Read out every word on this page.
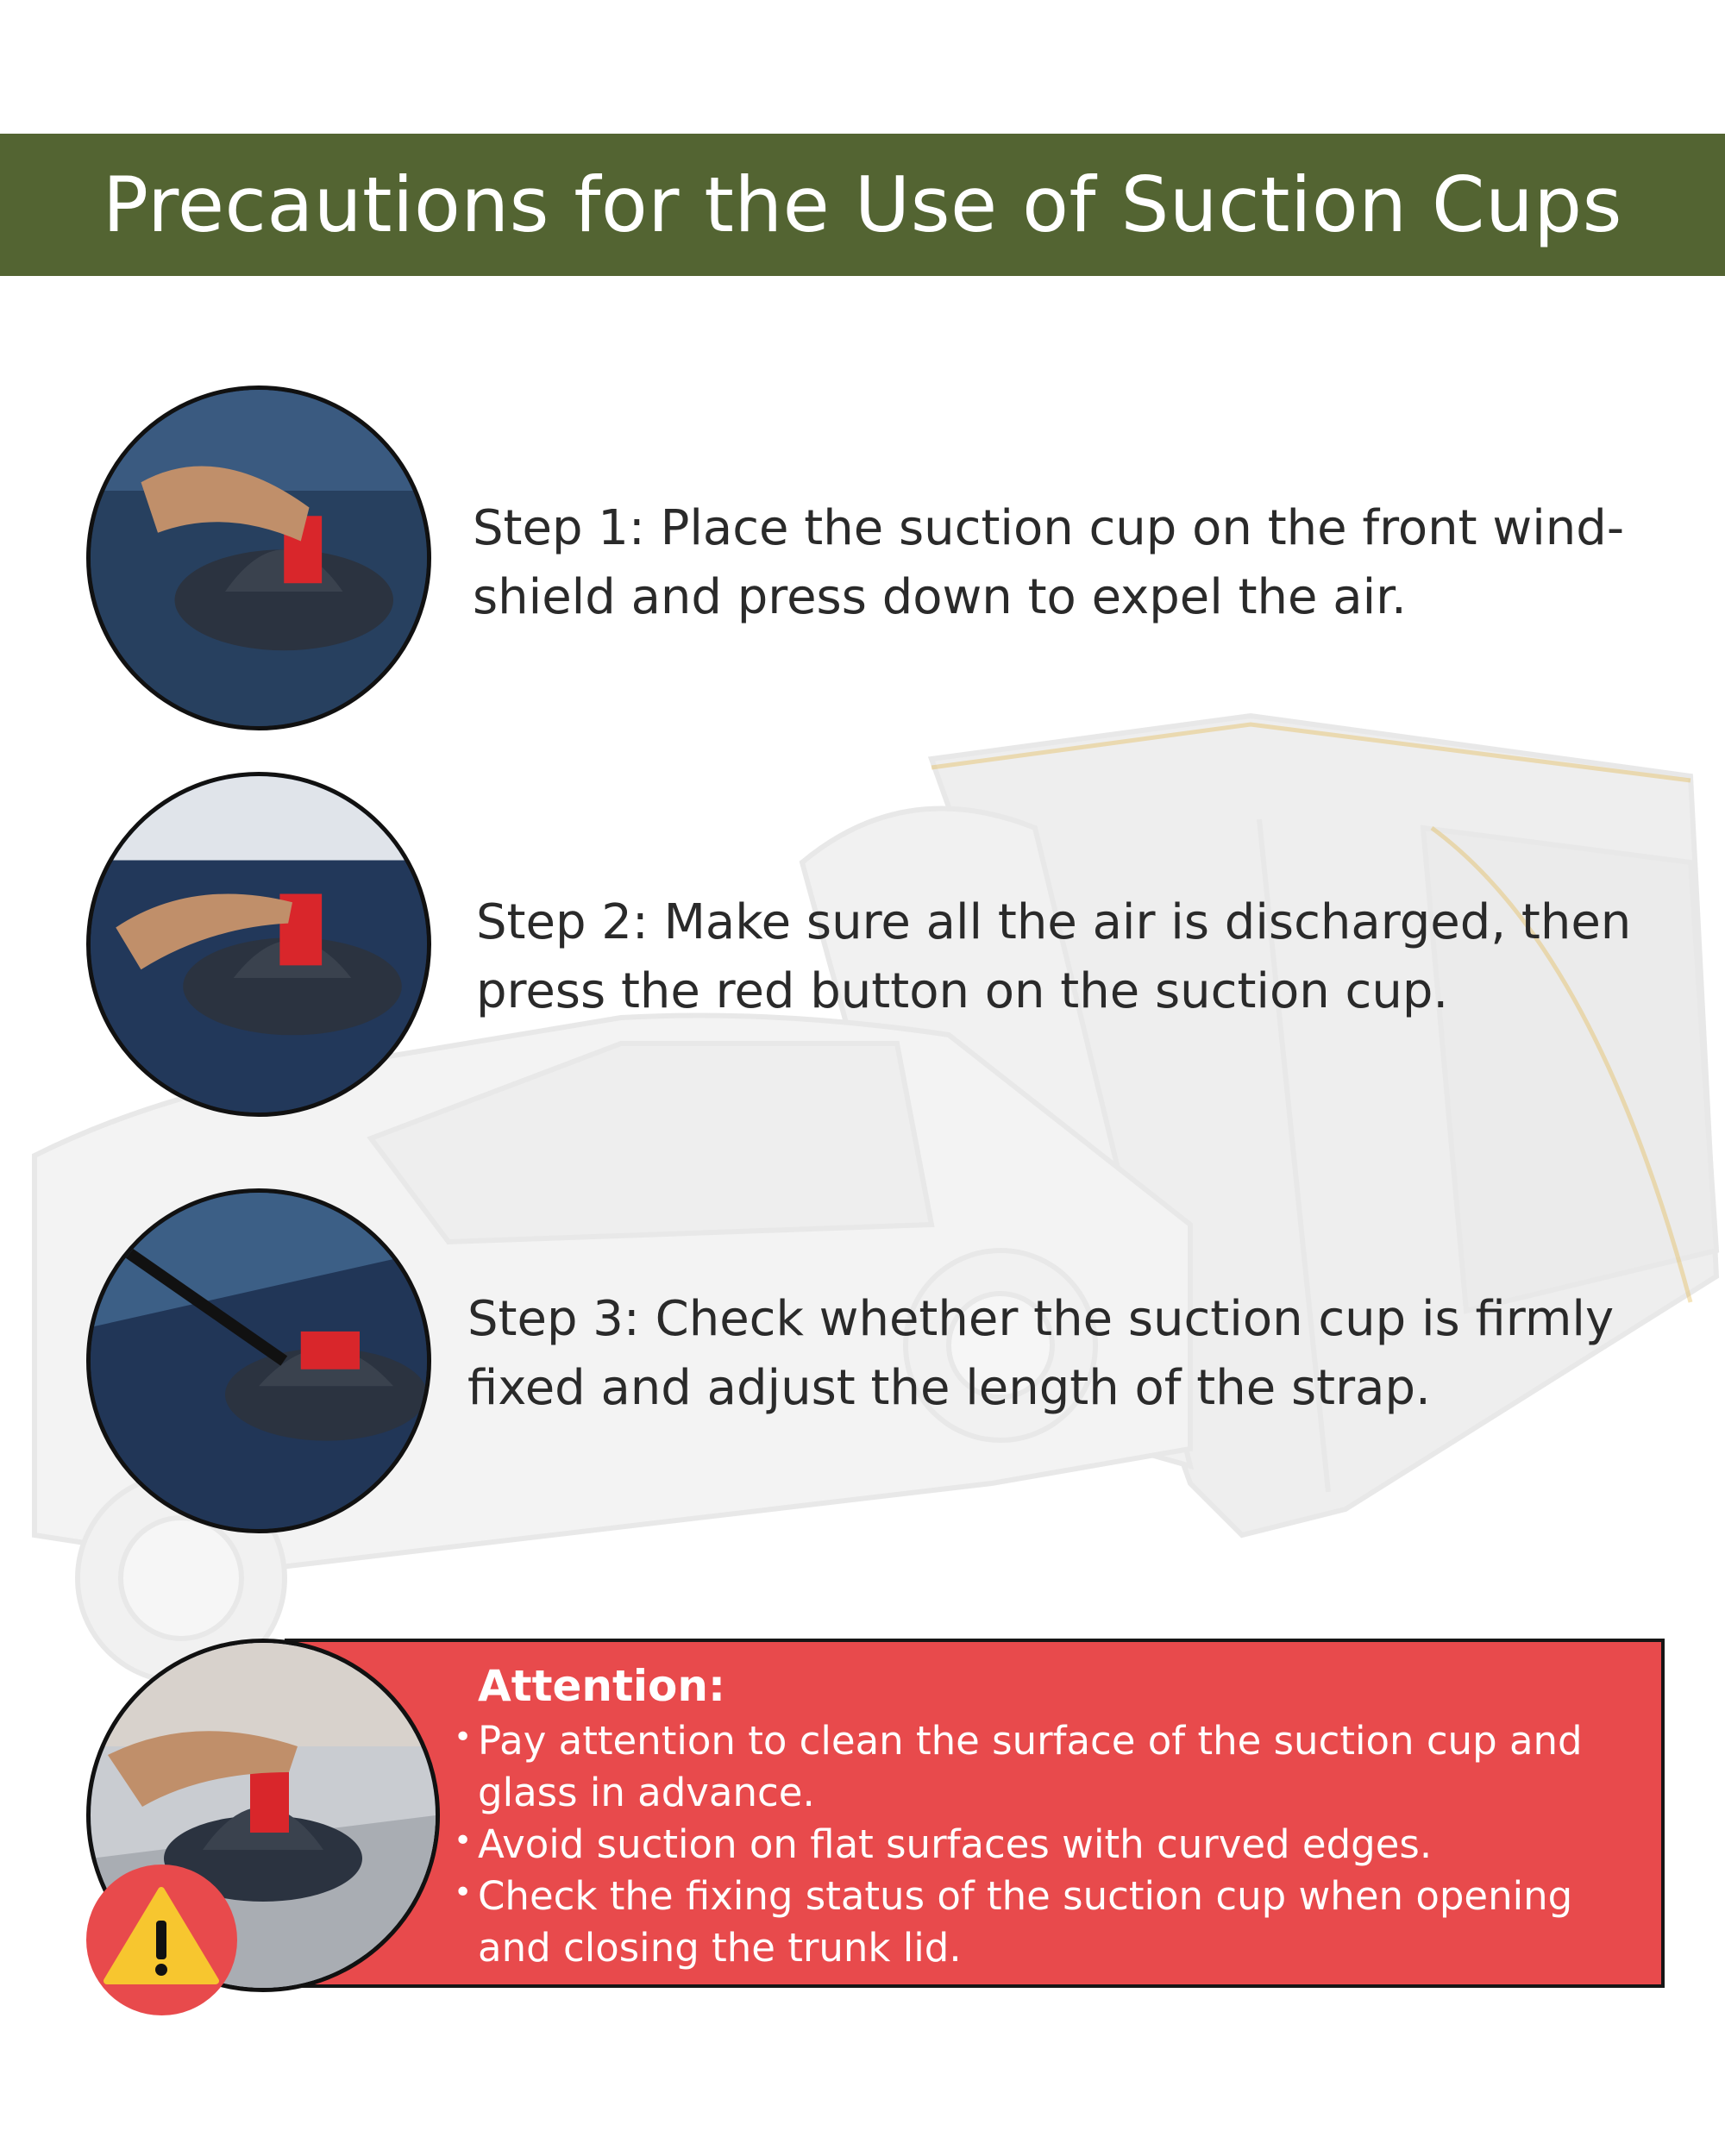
Precautions for the Use of Suction Cups
Step 1: Place the suction cup on the front wind-
shield and press down to expel the air.
Step 2: Make sure all the air is discharged, then
press the red button on the suction cup.
Step 3: Check whether the suction cup is firmly
fixed and adjust the length of the strap.
Attention:
• Pay attention to clean the surface of the suction cup and
glass in advance.
• Avoid suction on flat surfaces with curved edges.
• Check the fixing status of the suction cup when opening
and closing the trunk lid.
